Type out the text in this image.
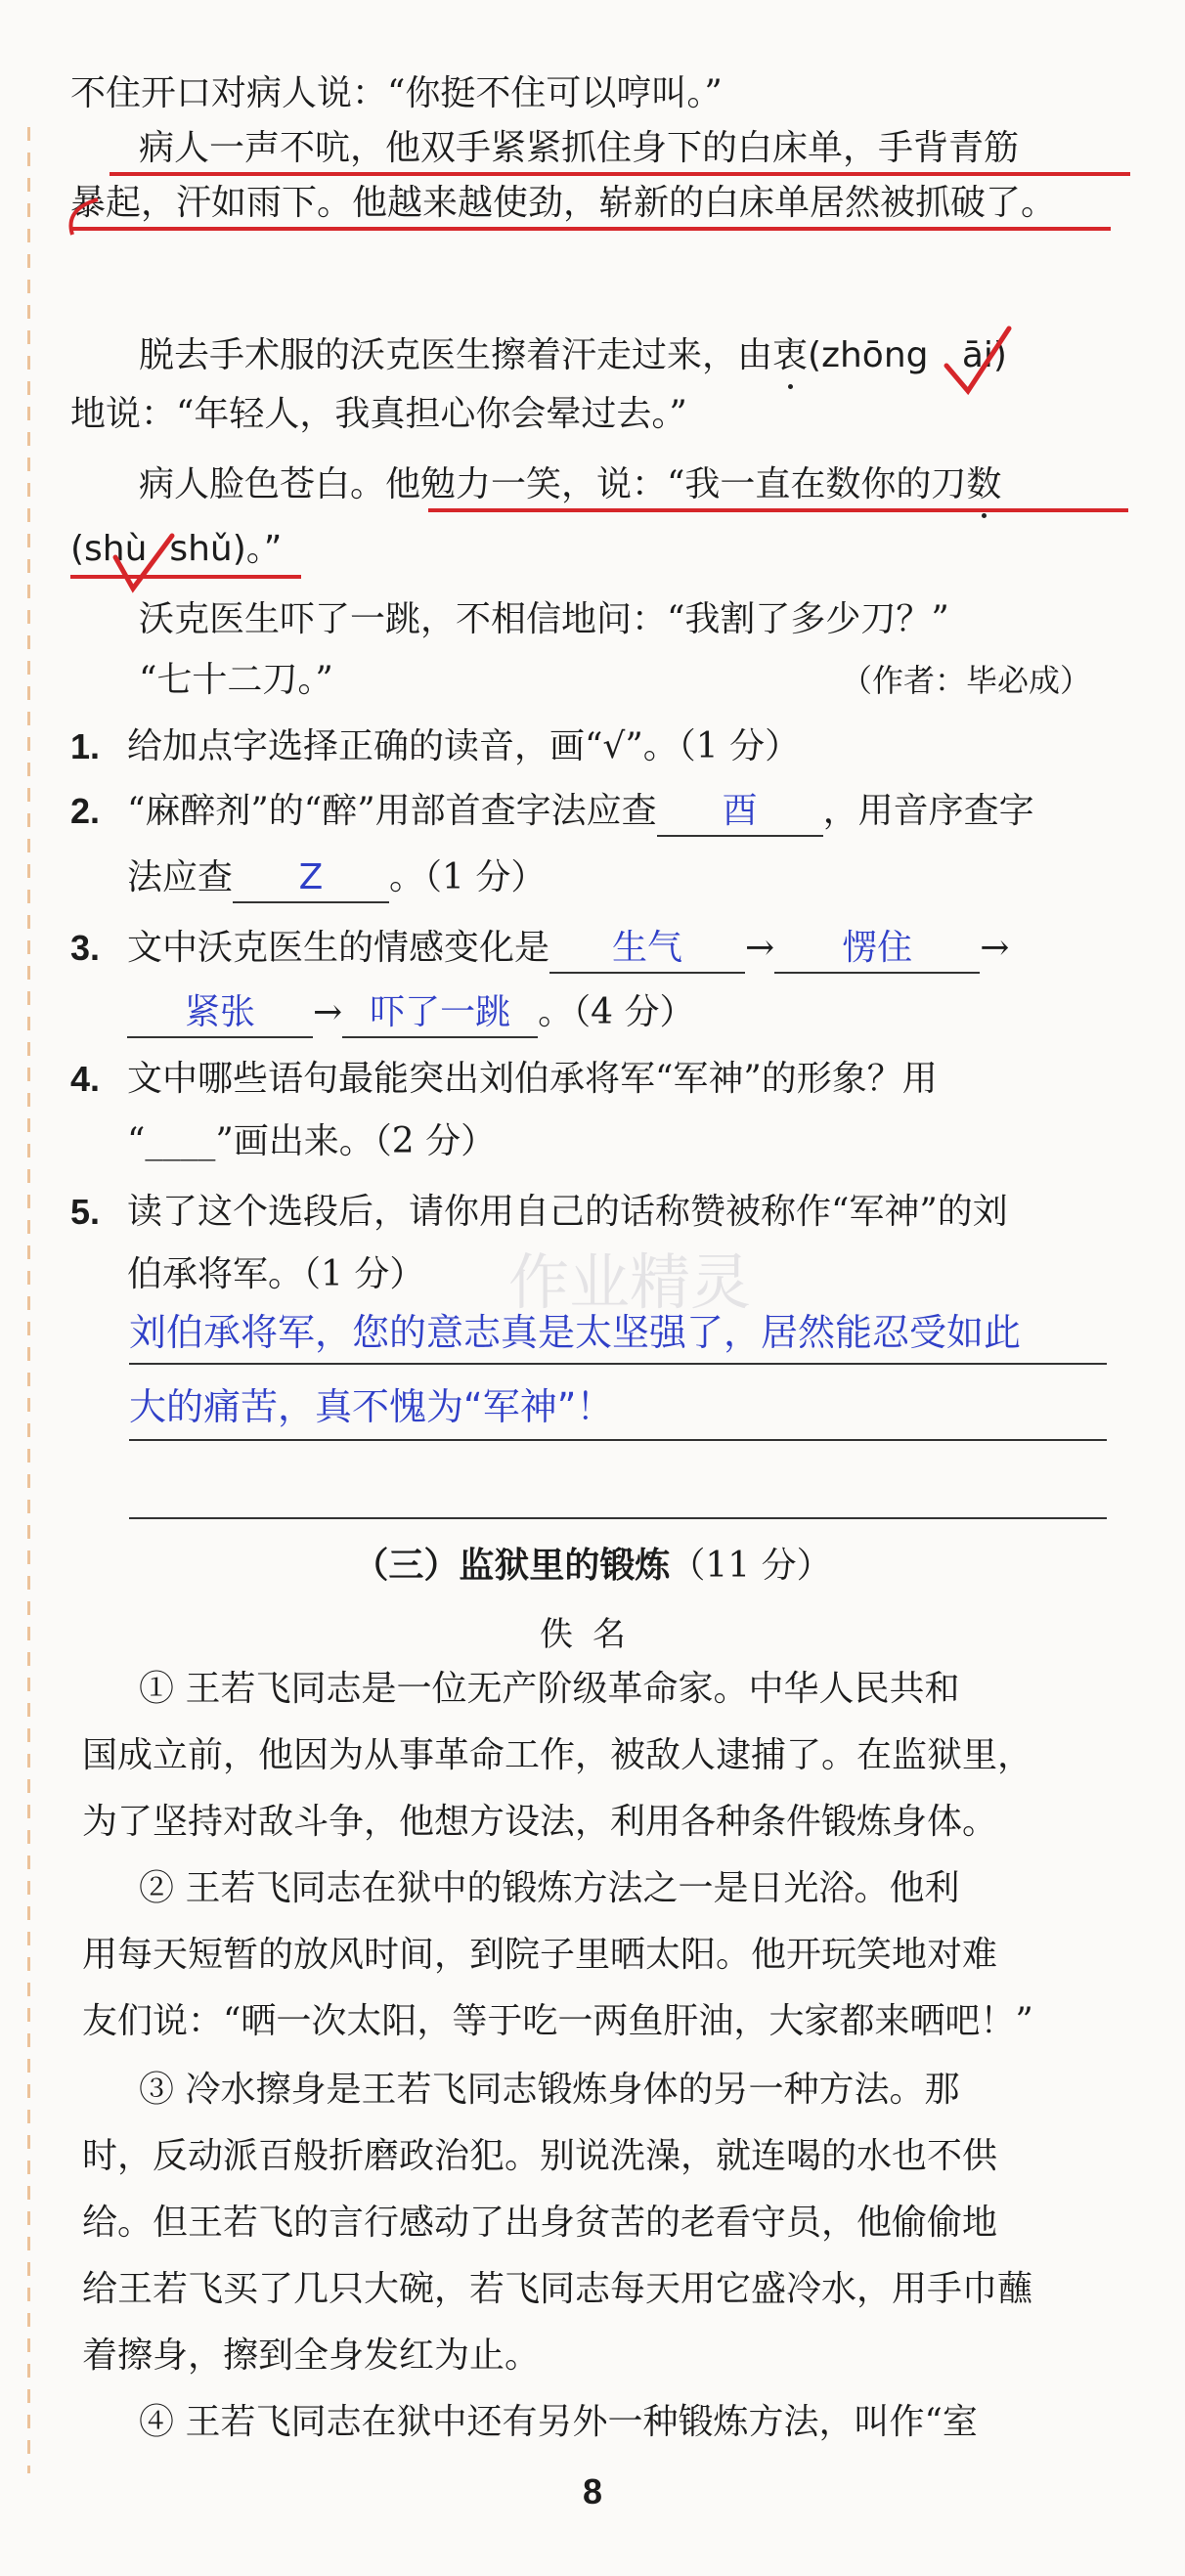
不住开口对病人说：“你挺不住可以哼叫。”
病人一声不吭，他双手紧紧抓住身下的白床单，手背青筋
暴起，汗如雨下。他越来越使劲，崭新的白床单居然被抓破了。
脱去手术服的沃克医生擦着汗走过来，由衷(zhōng āi)
地说：“年轻人，我真担心你会晕过去。”
病人脸色苍白。他勉力一笑，说：“我一直在数你的刀数
(shù shǔ)。”
沃克医生吓了一跳，不相信地问：“我割了多少刀？”
“七十二刀。”	（作者：毕必成）
1. 给加点字选择正确的读音，画“√”。（1 分）
2. “麻醉剂”的“醉”用部首查字法应查	酉	，用音序查字
法应查	Z	。（1 分）
3. 文中沃克医生的情感变化是	生气	→	愣住	→
紧张	→ 吓了一跳 。（4 分）
4. 文中哪些语句最能突出刘伯承将军“军神”的形象？用
“____”画出来。（2 分）
5. 读了这个选段后，请你用自己的话称赞被称作“军神”的刘
伯承将军。（1 分） 作业精灵
刘伯承将军，您的意志真是太坚强了，居然能忍受如此
大的痛苦，真不愧为“军神”！
（三）监狱里的锻炼（11 分）
佚名
① 王若飞同志是一位无产阶级革命家。中华人民共和
国成立前，他因为从事革命工作，被敌人逮捕了。在监狱里，
为了坚持对敌斗争，他想方设法，利用各种条件锻炼身体。
② 王若飞同志在狱中的锻炼方法之一是日光浴。他利
用每天短暂的放风时间，到院子里晒太阳。他开玩笑地对难
友们说：“晒一次太阳，等于吃一两鱼肝油，大家都来晒吧！”
③ 冷水擦身是王若飞同志锻炼身体的另一种方法。那
时，反动派百般折磨政治犯。别说洗澡，就连喝的水也不供
给。但王若飞的言行感动了出身贫苦的老看守员，他偷偷地
给王若飞买了几只大碗，若飞同志每天用它盛冷水，用手巾蘸
着擦身，擦到全身发红为止。
④ 王若飞同志在狱中还有另外一种锻炼方法，叫作“室
8
